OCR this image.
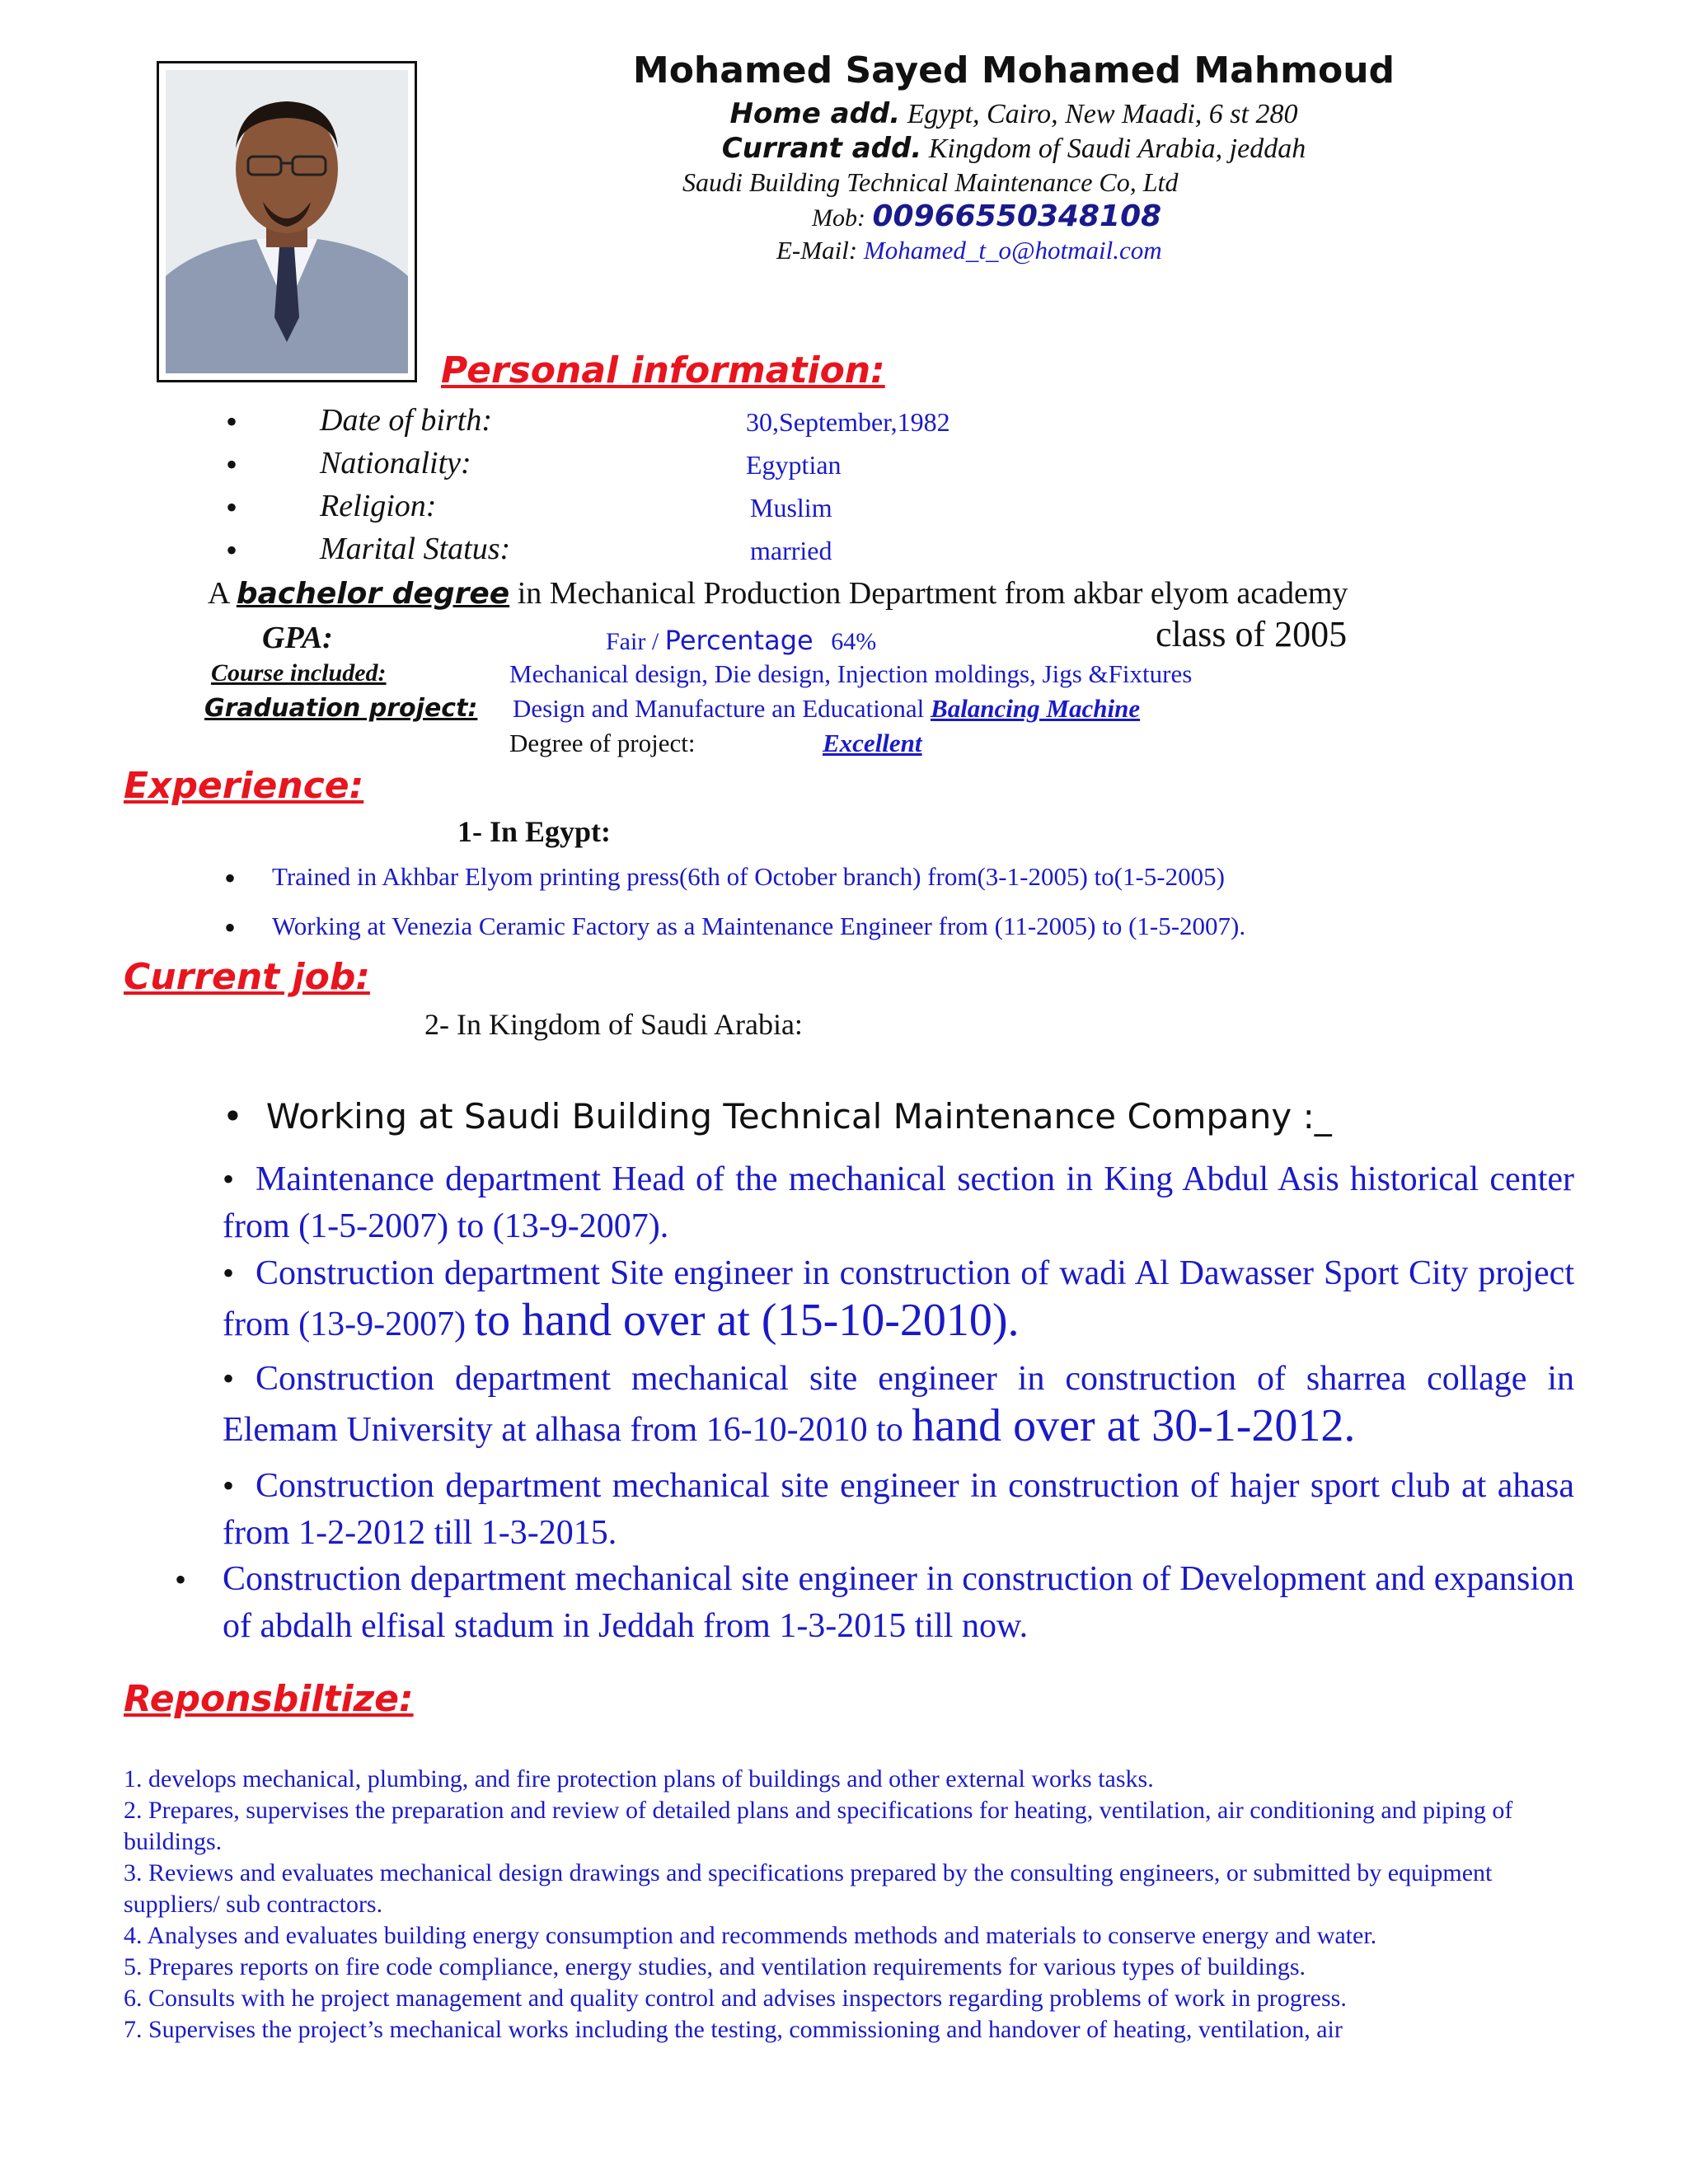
Mohamed Sayed Mohamed Mahmoud
Home add. Egypt, Cairo, New Maadi, 6 st 280
Currant add. Kingdom of Saudi Arabia, jeddah
Saudi Building Technical Maintenance Co, Ltd
Mob: 00966550348108
E-Mail: Mohamed_t_o@hotmail.com
Personal information:
•	Date of birth:	30,September,1982
•	Nationality:	Egyptian
•	Religion:	Muslim
•	Marital Status:	married
A bachelor degree in Mechanical Production Department from akbar elyom academy
GPA:	Fair / Percentage 64%	class of 2005
Course included:	Mechanical design, Die design, Injection moldings, Jigs &Fixtures
Graduation project: Design and Manufacture an Educational Balancing Machine
Degree of project:	Excellent
Experience:
1- In Egypt:
• Trained in Akhbar Elyom printing press(6th of October branch) from(3-1-2005) to(1-5-2005)
• Working at Venezia Ceramic Factory as a Maintenance Engineer from (11-2005) to (1-5-2007).
Current job:
2- In Kingdom of Saudi Arabia:
• Working at Saudi Building Technical Maintenance Company :_
• Maintenance department Head of the mechanical section in King Abdul Asis historical center from (1-5-2007) to (13-9-2007).
• Construction department Site engineer in construction of wadi Al Dawasser Sport City project from (13-9-2007) to hand over at (15-10-2010).
• Construction department mechanical site engineer in construction of sharrea collage in Elemam University at alhasa from 16-10-2010 to hand over at 30-1-2012.
• Construction department mechanical site engineer in construction of hajer sport club at ahasa from 1-2-2012 till 1-3-2015.
• Construction department mechanical site engineer in construction of Development and expansion of abdalh elfisal stadum in Jeddah from 1-3-2015 till now.
Reponsbiltize:
1. develops mechanical, plumbing, and fire protection plans of buildings and other external works tasks.
2. Prepares, supervises the preparation and review of detailed plans and specifications for heating, ventilation, air conditioning and piping of buildings.
3. Reviews and evaluates mechanical design drawings and specifications prepared by the consulting engineers, or submitted by equipment suppliers/ sub contractors.
4. Analyses and evaluates building energy consumption and recommends methods and materials to conserve energy and water.
5. Prepares reports on fire code compliance, energy studies, and ventilation requirements for various types of buildings.
6. Consults with he project management and quality control and advises inspectors regarding problems of work in progress.
7. Supervises the project’s mechanical works including the testing, commissioning and handover of heating, ventilation, air
